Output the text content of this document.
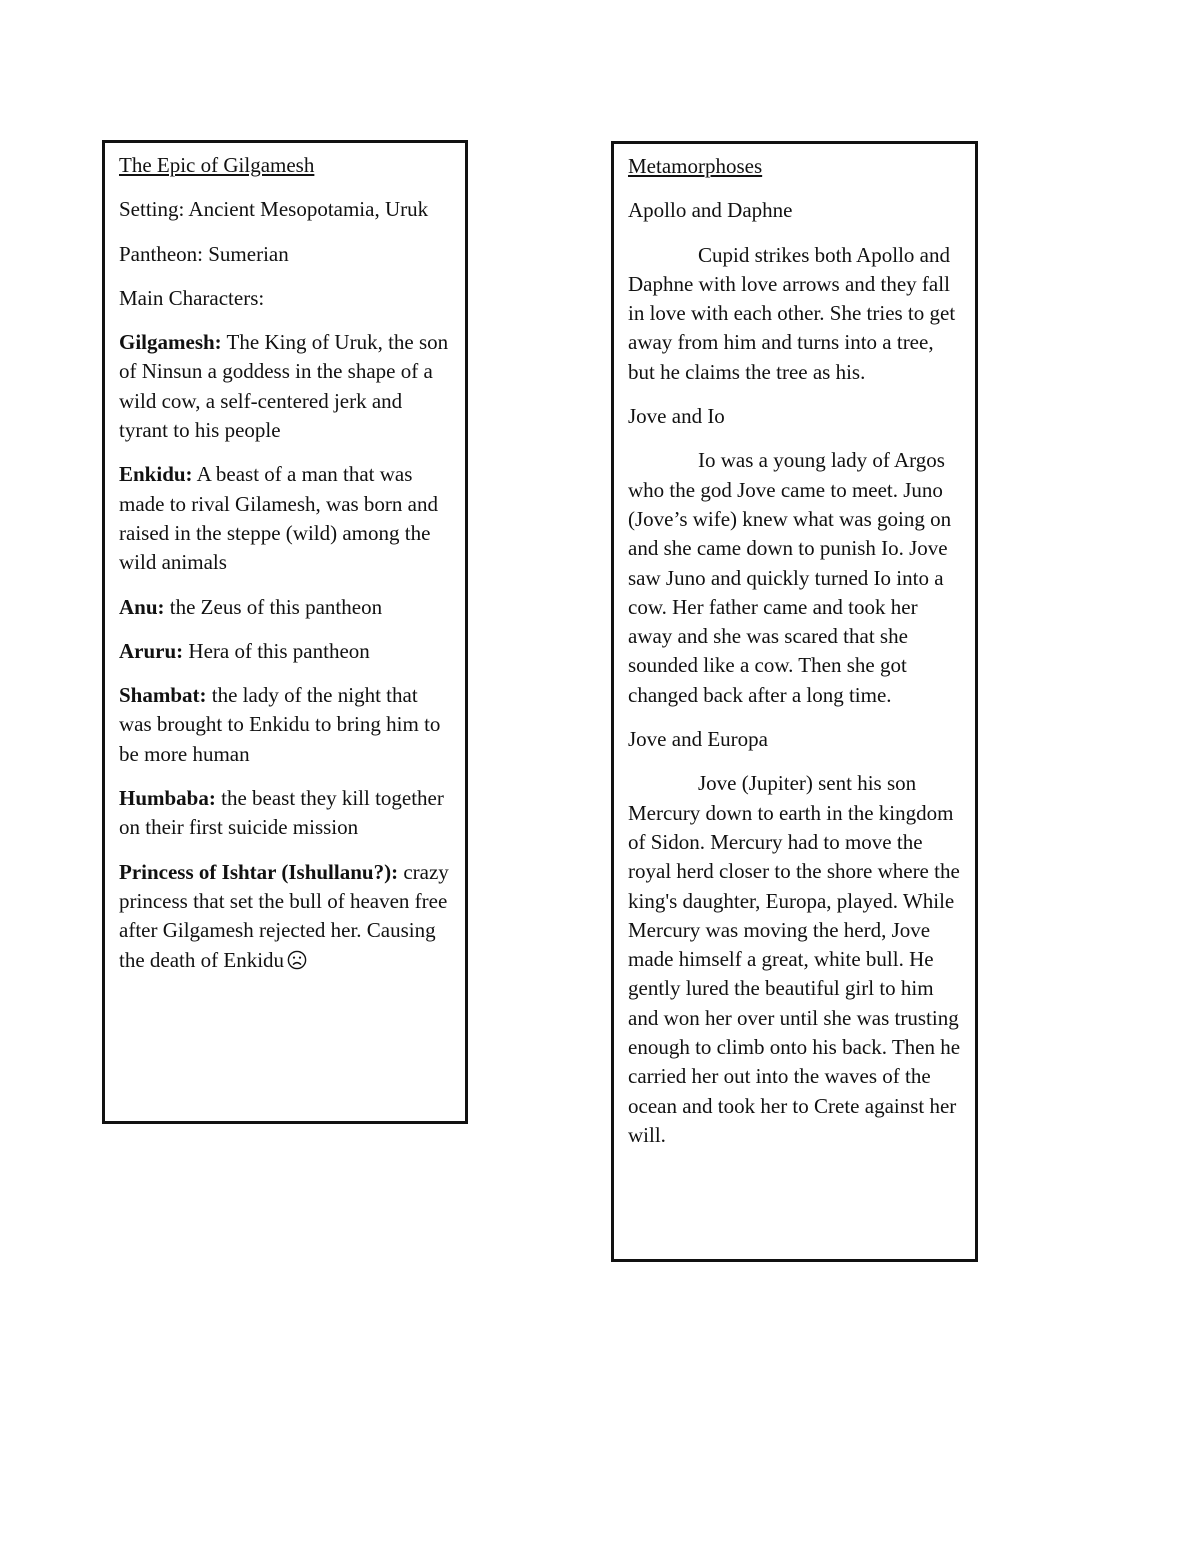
The Epic of Gilgamesh

Setting: Ancient Mesopotamia, Uruk

Pantheon: Sumerian

Main Characters:

Gilgamesh: The King of Uruk, the son of Ninsun a goddess in the shape of a wild cow, a self-centered jerk and tyrant to his people

Enkidu: A beast of a man that was made to rival Gilamesh, was born and raised in the steppe (wild) among the wild animals

Anu: the Zeus of this pantheon

Aruru: Hera of this pantheon

Shambat: the lady of the night that was brought to Enkidu to bring him to be more human

Humbaba: the beast they kill together on their first suicide mission

Princess of Ishtar (Ishullanu?): crazy princess that set the bull of heaven free after Gilgamesh rejected her. Causing the death of Enkidu

Metamorphoses

Apollo and Daphne

Cupid strikes both Apollo and Daphne with love arrows and they fall in love with each other. She tries to get away from him and turns into a tree, but he claims the tree as his.

Jove and Io

Io was a young lady of Argos who the god Jove came to meet. Juno (Jove’s wife) knew what was going on and she came down to punish Io. Jove saw Juno and quickly turned Io into a cow. Her father came and took her away and she was scared that she sounded like a cow. Then she got changed back after a long time.

Jove and Europa

Jove (Jupiter) sent his son Mercury down to earth in the kingdom of Sidon. Mercury had to move the royal herd closer to the shore where the king's daughter, Europa, played. While Mercury was moving the herd, Jove made himself a great, white bull. He gently lured the beautiful girl to him and won her over until she was trusting enough to climb onto his back. Then he carried her out into the waves of the ocean and took her to Crete against her will.
